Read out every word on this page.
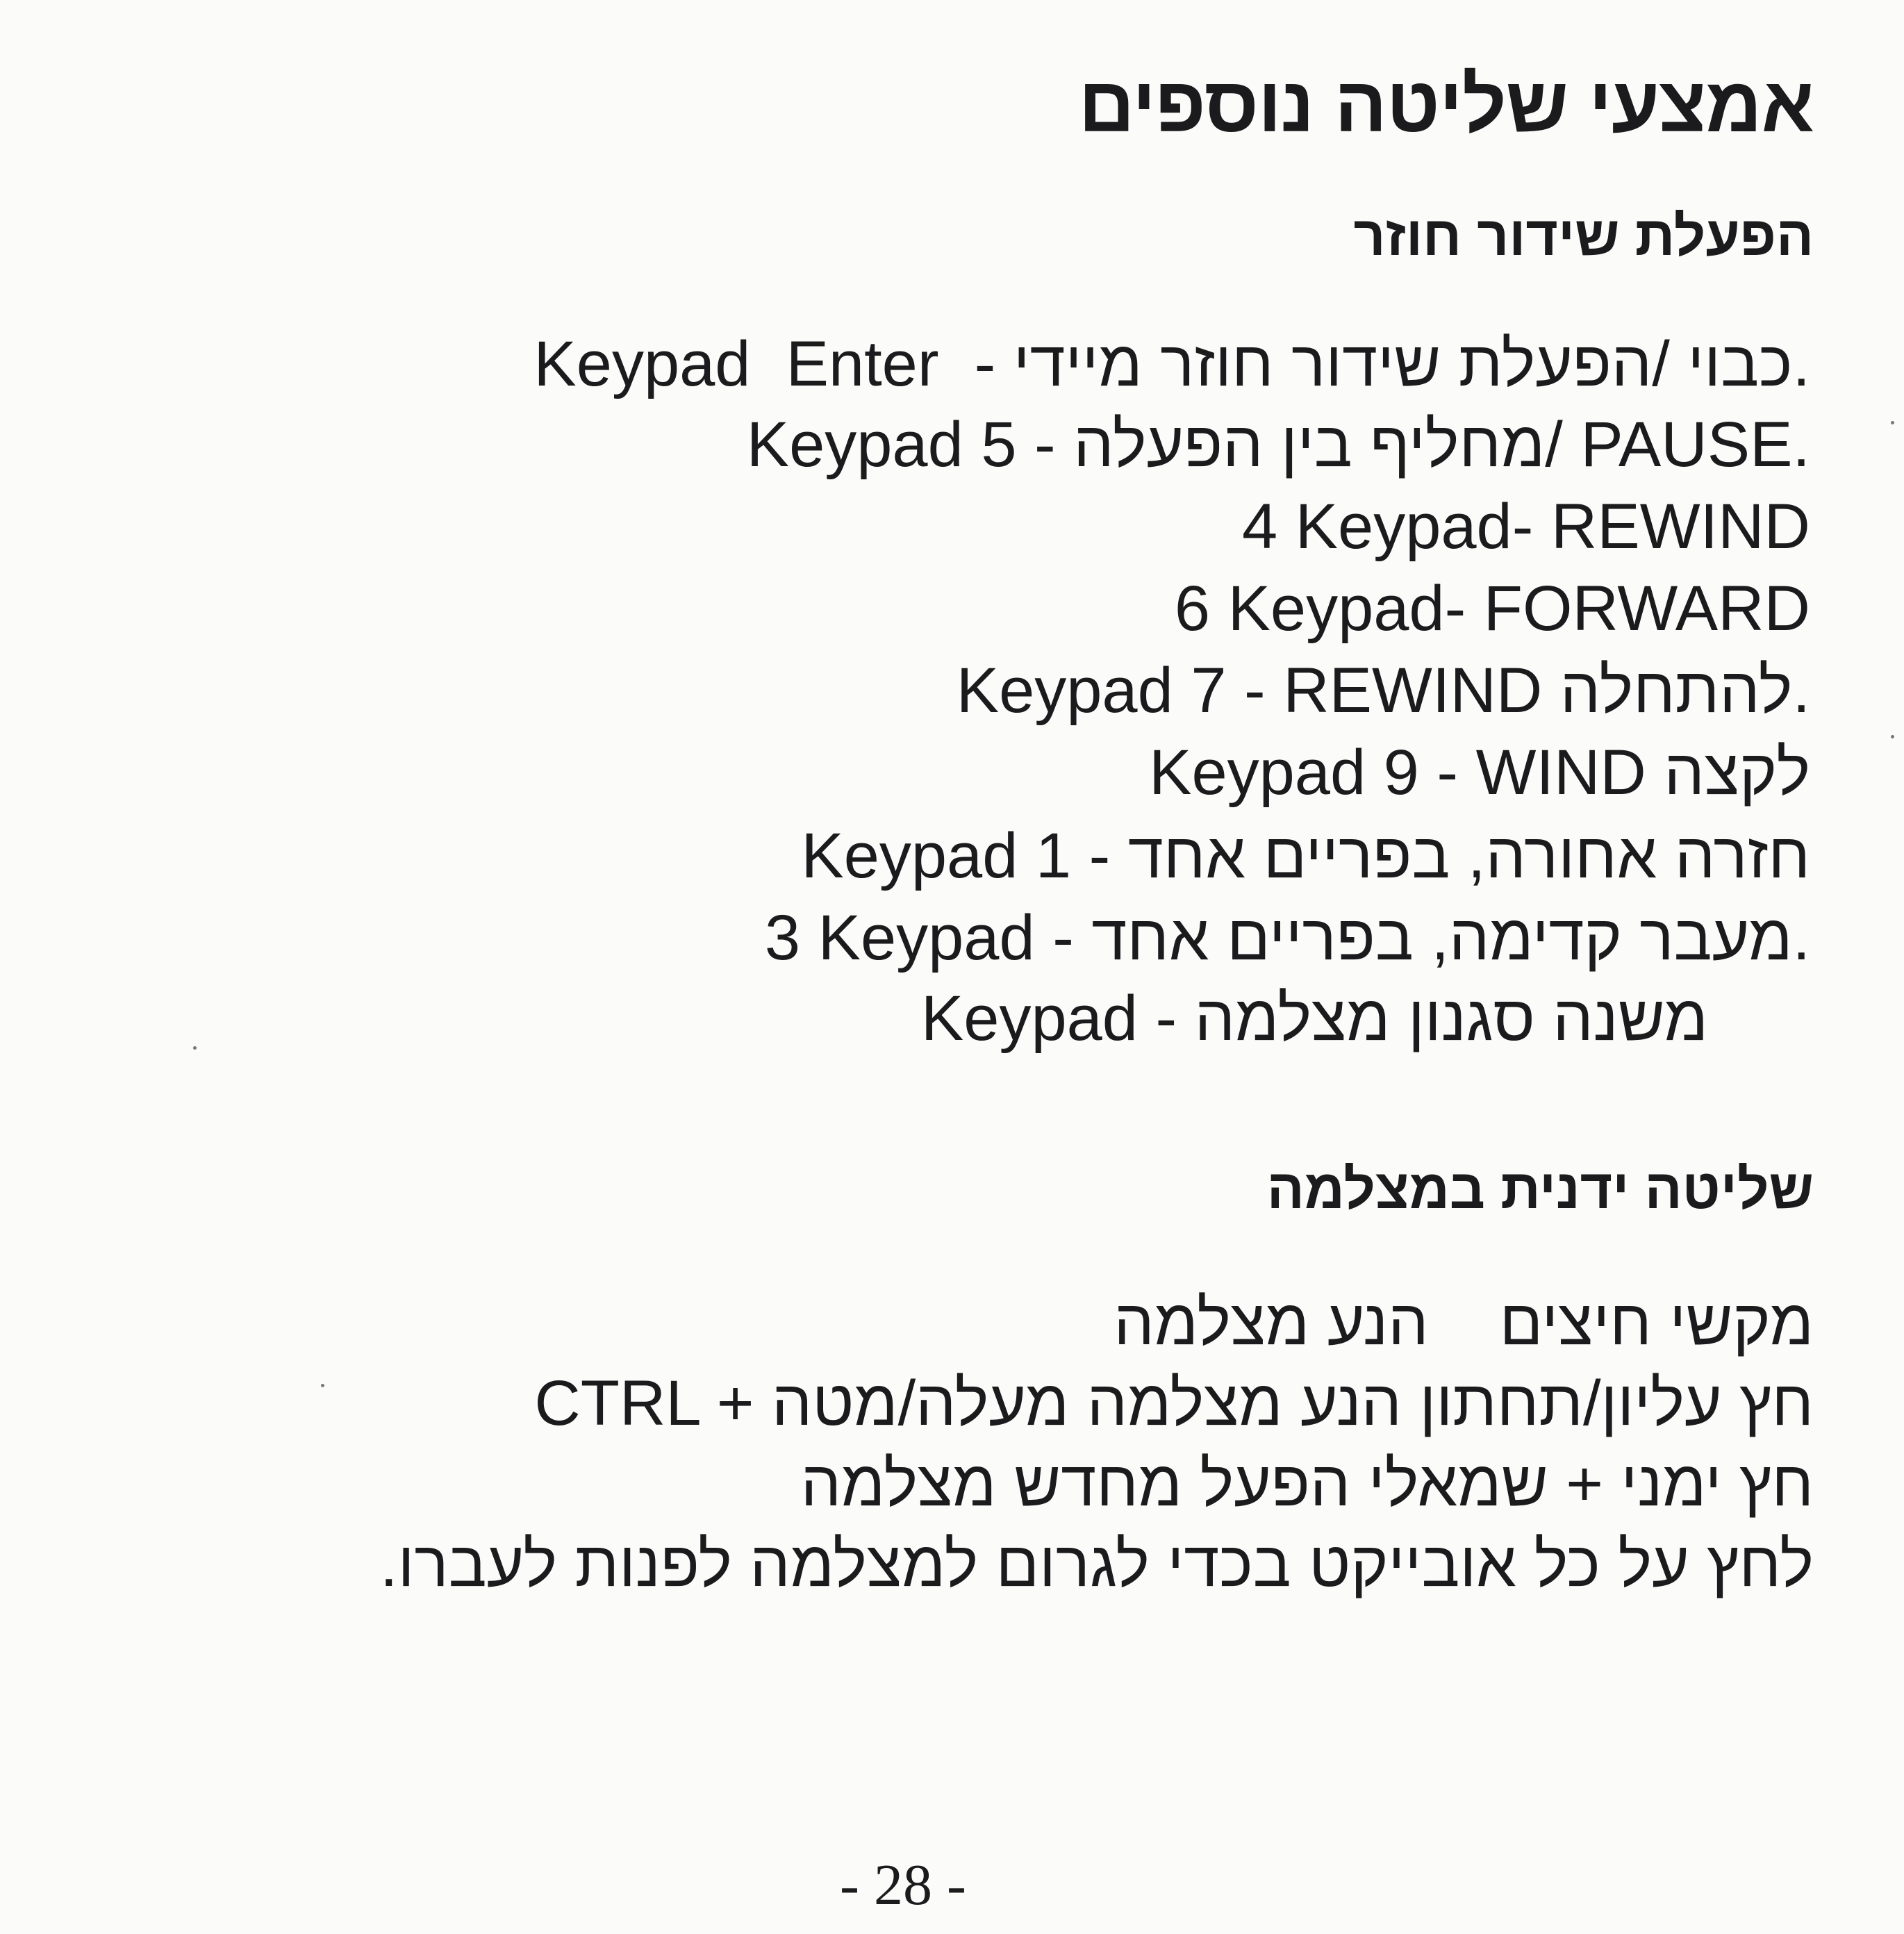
אמצעי שליטה נוספים
הפעלת שידור חוזר
Keypad  Enter  - כבוי /הפעלת שידור חוזר מיידי.
Keypad 5 - מחליף בין הפעלה/ PAUSE.
4 Keypad- REWIND
6 Keypad- FORWARD
Keypad 7 - REWIND להתחלה.
Keypad 9 - WIND לקצה
Keypad 1 - חזרה אחורה, בפריים אחד
3 Keypad - מעבר קדימה, בפריים אחד.
Keypad - משנה סגנון מצלמה
שליטה ידנית במצלמה
מקשי חיצים    הנע מצלמה
CTRL + חץ עליון/תחתון הנע מצלמה מעלה/מטה
חץ ימני + שמאלי הפעל מחדש מצלמה
לחץ על כל אובייקט בכדי לגרום למצלמה לפנות לעברו.
- 28 -
